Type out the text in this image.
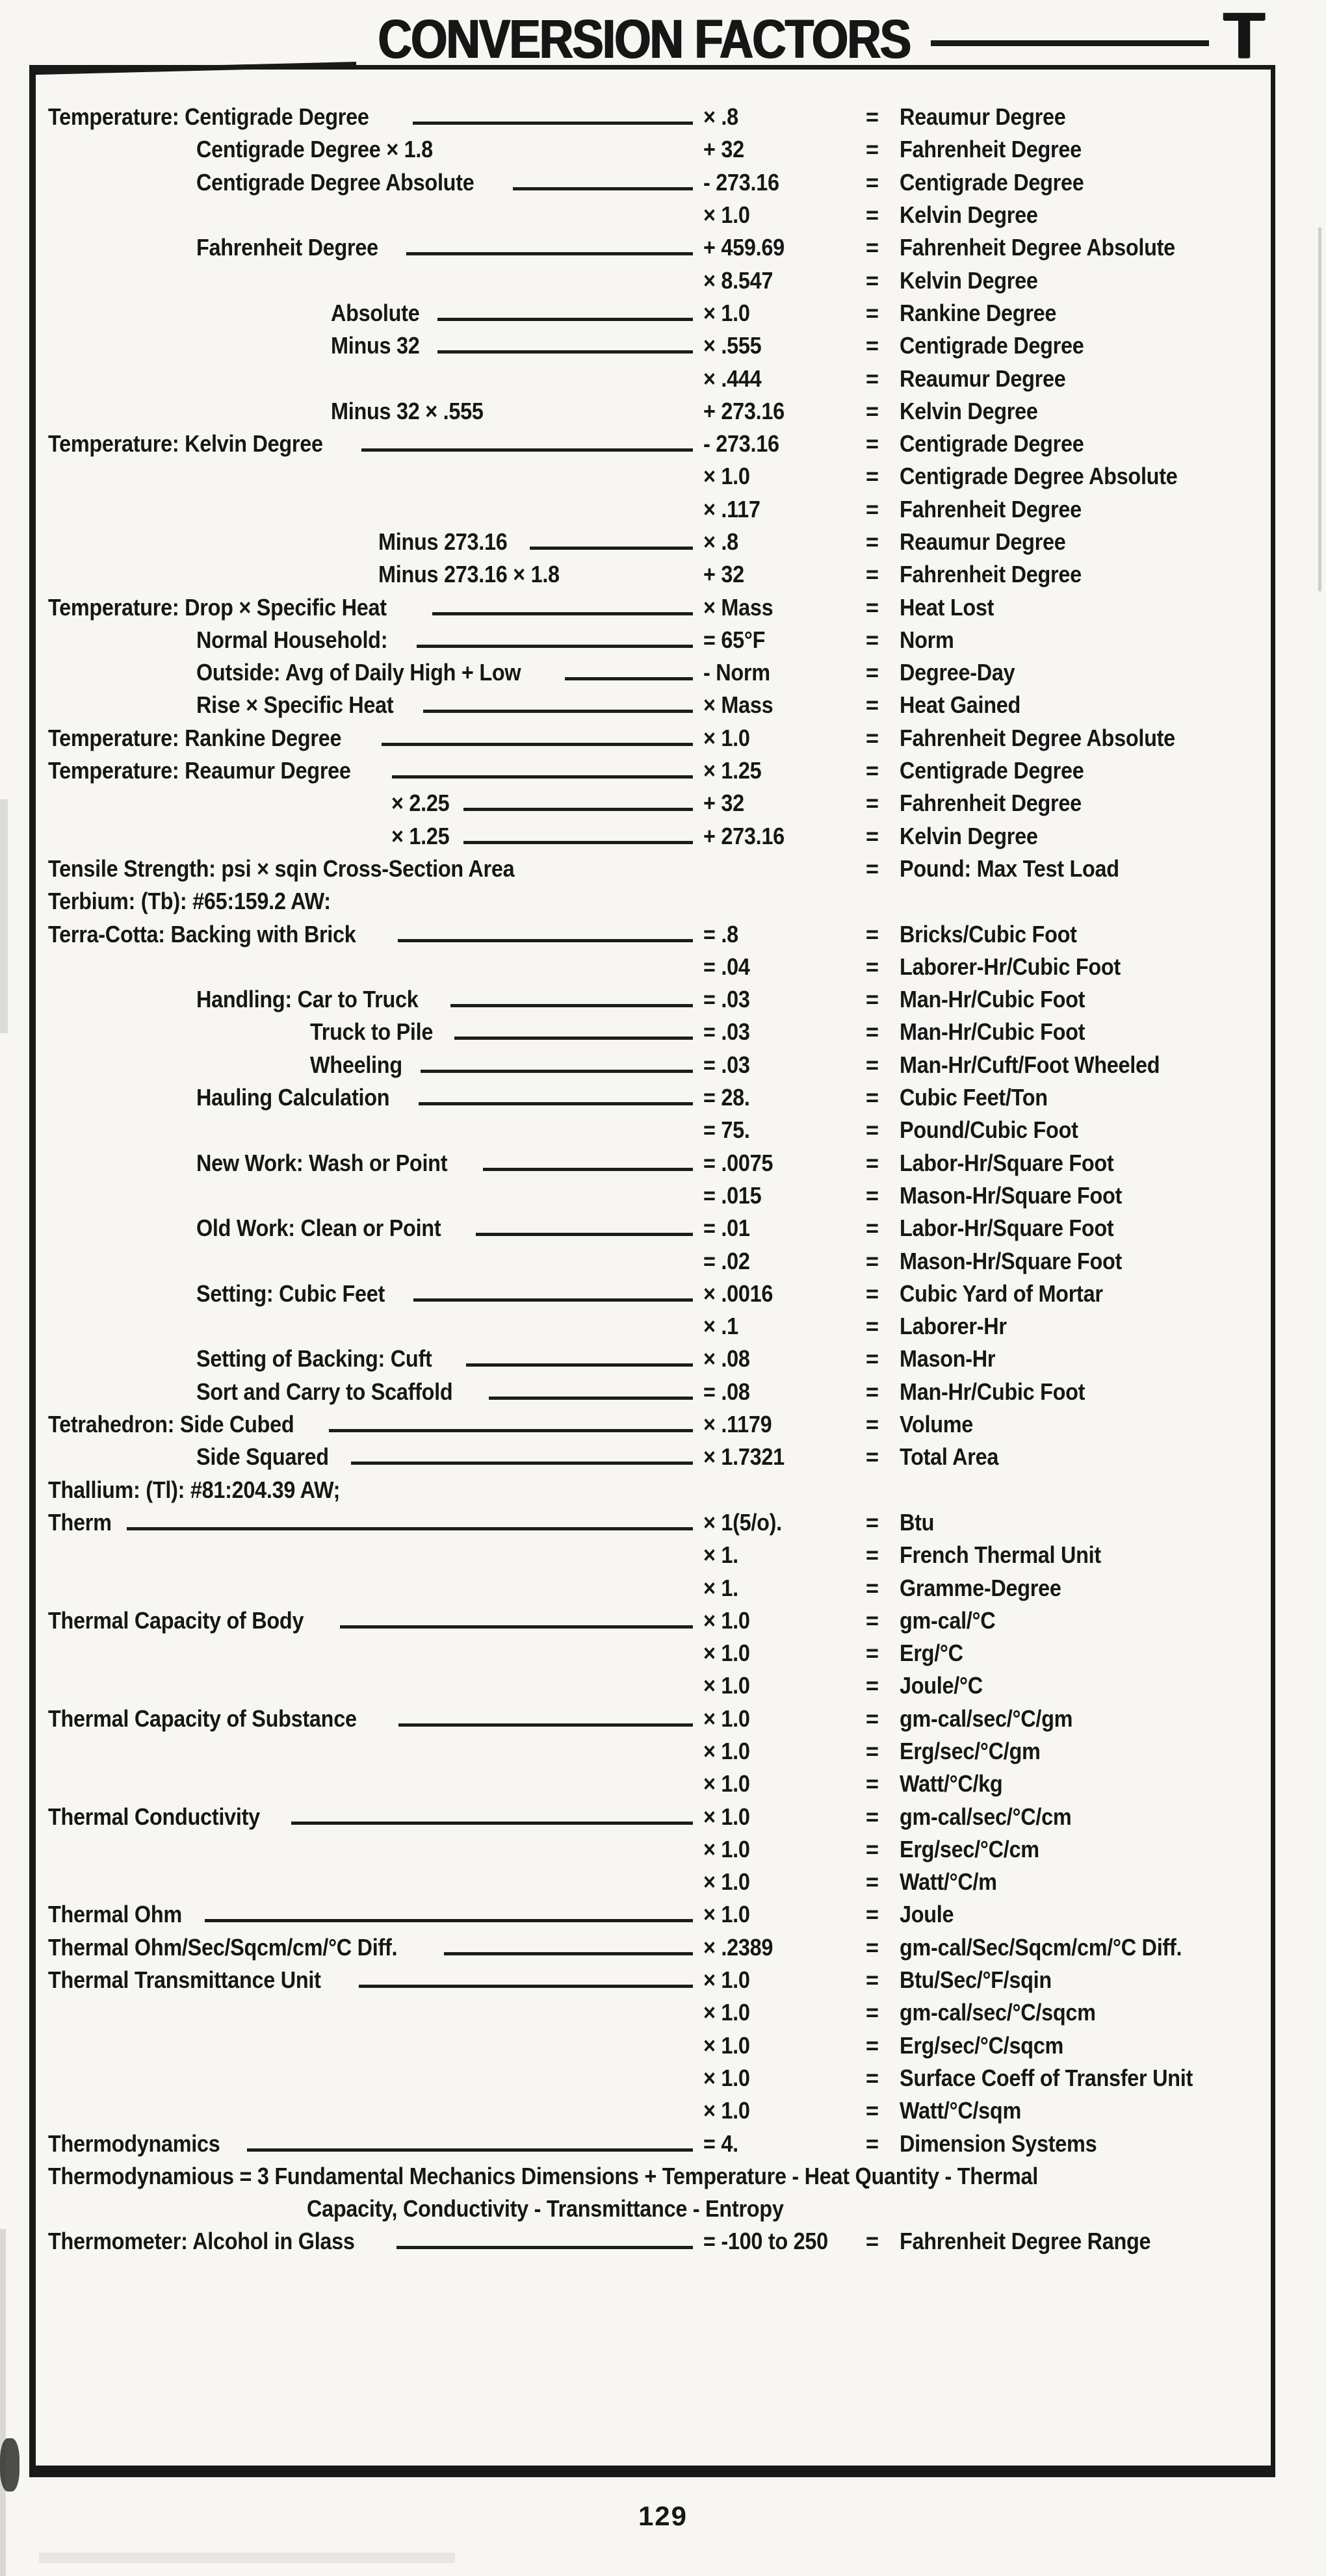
CONVERSION FACTORS	T
Temperature: Centigrade Degree	× .8	= Reaumur Degree
Centigrade Degree × 1.8	+ 32	= Fahrenheit Degree
Centigrade Degree Absolute	- 273.16	= Centigrade Degree
× 1.0	= Kelvin Degree
Fahrenheit Degree	+ 459.69	= Fahrenheit Degree Absolute
× 8.547	= Kelvin Degree
Absolute	× 1.0	= Rankine Degree
Minus 32	× .555	= Centigrade Degree
× .444	= Reaumur Degree
Minus 32 × .555	+ 273.16	= Kelvin Degree
Temperature: Kelvin Degree	- 273.16	= Centigrade Degree
× 1.0	= Centigrade Degree Absolute
× .117	= Fahrenheit Degree
Minus 273.16	× .8	= Reaumur Degree
Minus 273.16 × 1.8	+ 32	= Fahrenheit Degree
Temperature: Drop × Specific Heat	× Mass	= Heat Lost
Normal Household:	= 65°F	= Norm
Outside: Avg of Daily High + Low	- Norm	= Degree-Day
Rise × Specific Heat	× Mass	= Heat Gained
Temperature: Rankine Degree	× 1.0	= Fahrenheit Degree Absolute
Temperature: Reaumur Degree	× 1.25	= Centigrade Degree
× 2.25	+ 32	= Fahrenheit Degree
× 1.25	+ 273.16	= Kelvin Degree
Tensile Strength: psi × sqin Cross-Section Area	= Pound: Max Test Load
Terbium: (Tb): #65:159.2 AW:
Terra-Cotta: Backing with Brick	= .8	= Bricks/Cubic Foot
= .04	= Laborer-Hr/Cubic Foot
Handling: Car to Truck	= .03	= Man-Hr/Cubic Foot
Truck to Pile	= .03	= Man-Hr/Cubic Foot
Wheeling	= .03	= Man-Hr/Cuft/Foot Wheeled
Hauling Calculation	= 28.	= Cubic Feet/Ton
= 75.	= Pound/Cubic Foot
New Work: Wash or Point	= .0075	= Labor-Hr/Square Foot
= .015	= Mason-Hr/Square Foot
Old Work: Clean or Point	= .01	= Labor-Hr/Square Foot
= .02	= Mason-Hr/Square Foot
Setting: Cubic Feet	× .0016	= Cubic Yard of Mortar
× .1	= Laborer-Hr
Setting of Backing: Cuft	× .08	= Mason-Hr
Sort and Carry to Scaffold	= .08	= Man-Hr/Cubic Foot
Tetrahedron: Side Cubed	× .1179	= Volume
Side Squared	× 1.7321	= Total Area
Thallium: (Tl): #81:204.39 AW;
Therm	× 1(5/o).	= Btu
× 1.	= French Thermal Unit
× 1.	= Gramme-Degree
Thermal Capacity of Body	× 1.0	= gm-cal/°C
× 1.0	= Erg/°C
× 1.0	= Joule/°C
Thermal Capacity of Substance	× 1.0	= gm-cal/sec/°C/gm
× 1.0	= Erg/sec/°C/gm
× 1.0	= Watt/°C/kg
Thermal Conductivity	× 1.0	= gm-cal/sec/°C/cm
× 1.0	= Erg/sec/°C/cm
× 1.0	= Watt/°C/m
Thermal Ohm	× 1.0	= Joule
Thermal Ohm/Sec/Sqcm/cm/°C Diff.	× .2389	= gm-cal/Sec/Sqcm/cm/°C Diff.
Thermal Transmittance Unit	× 1.0	= Btu/Sec/°F/sqin
× 1.0	= gm-cal/sec/°C/sqcm
× 1.0	= Erg/sec/°C/sqcm
× 1.0	= Surface Coeff of Transfer Unit
× 1.0	= Watt/°C/sqm
Thermodynamics	= 4.	= Dimension Systems
Thermodynamious = 3 Fundamental Mechanics Dimensions + Temperature - Heat Quantity - Thermal
Capacity, Conductivity - Transmittance - Entropy
Thermometer: Alcohol in Glass	= -100 to 250	= Fahrenheit Degree Range
129
